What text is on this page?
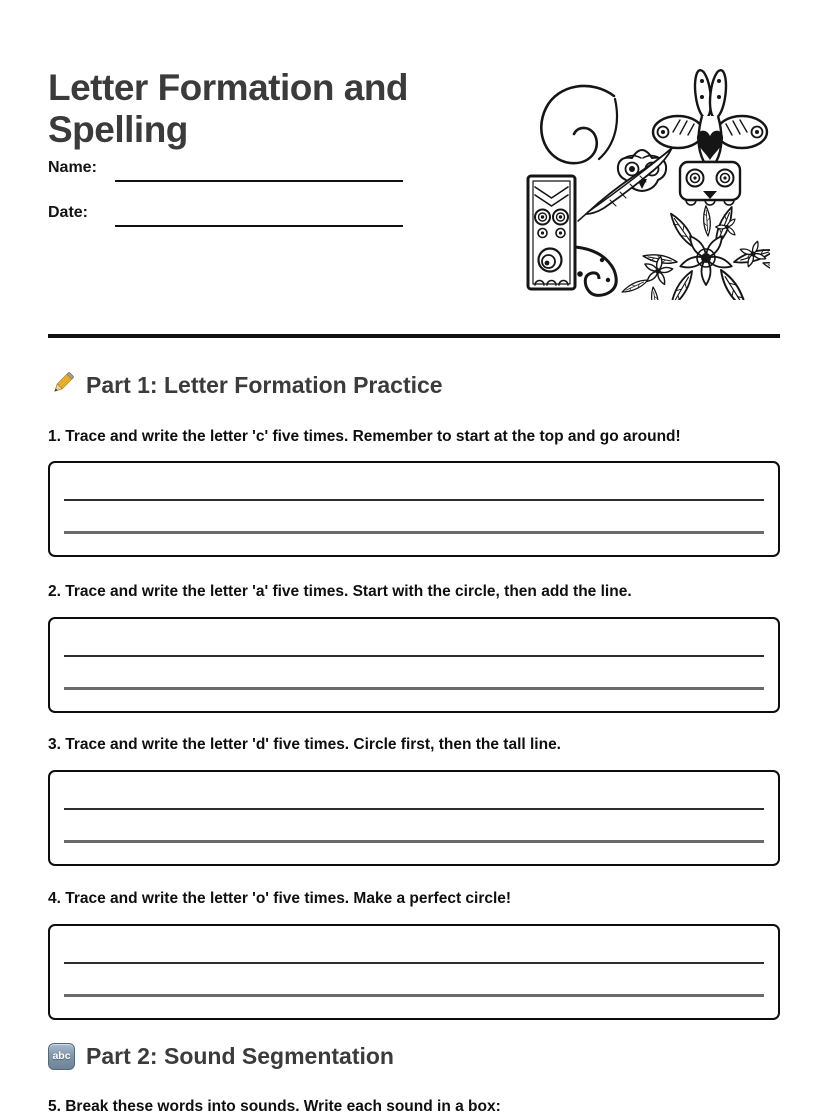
Letter Formation and Spelling
Name:
Date:
Part 1: Letter Formation Practice
1. Trace and write the letter 'c' five times. Remember to start at the top and go around!
2. Trace and write the letter 'a' five times. Start with the circle, then add the line.
3. Trace and write the letter 'd' five times. Circle first, then the tall line.
4. Trace and write the letter 'o' five times. Make a perfect circle!
abc Part 2: Sound Segmentation
5. Break these words into sounds. Write each sound in a box:
